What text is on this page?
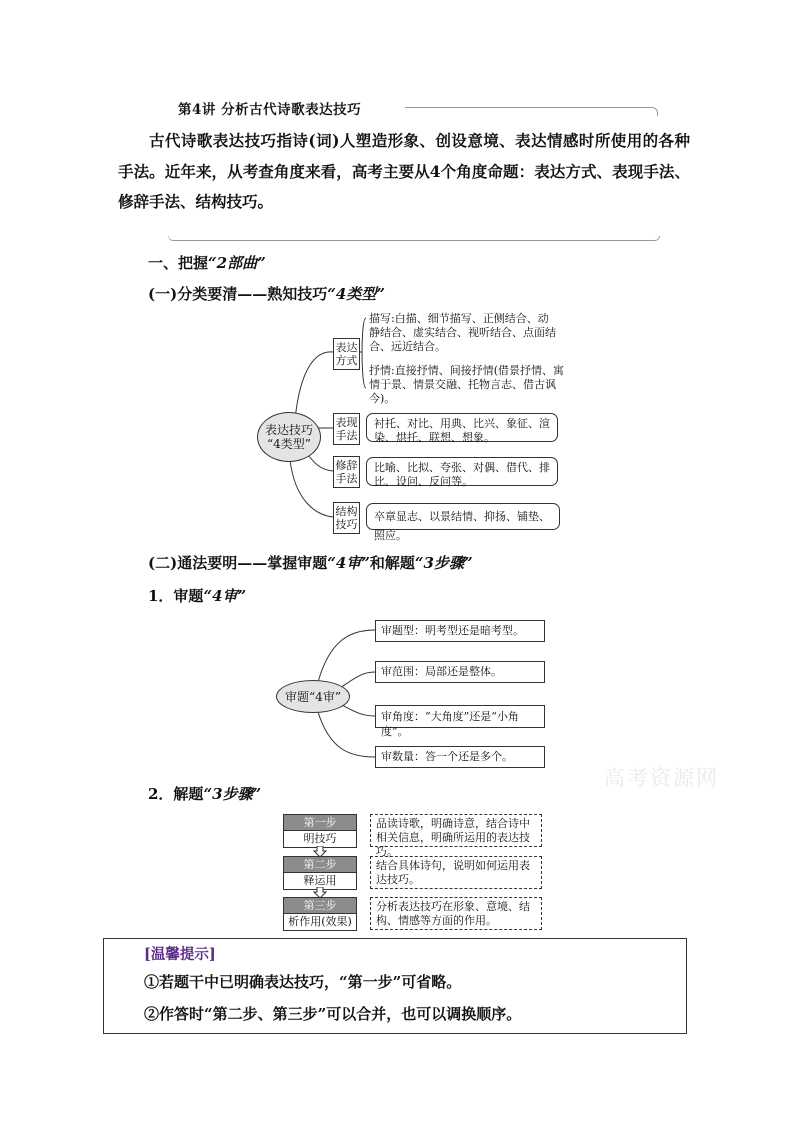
第4讲 分析古代诗歌表达技巧
古代诗歌表达技巧指诗(词)人塑造形象、创设意境、表达情感时所使用的各种手法。近年来，从考查角度来看，高考主要从4个角度命题：表达方式、表现手法、修辞手法、结构技巧。
一、把握“2部曲”
(一)分类要清——熟知技巧“4类型”
表达技巧
“4类型”
表达
方式
表现
手法
修辞
手法
结构
技巧
描写:白描、细节描写、正侧结合、动静结合、虚实结合、视听结合、点面结合、远近结合。
抒情:直接抒情、间接抒情(借景抒情、寓情于景、情景交融、托物言志、借古讽今)。
衬托、对比、用典、比兴、象征、渲染、烘托、联想、想象。
比喻、比拟、夸张、对偶、借代、排比、设问、反问等。
卒章显志、以景结情、抑扬、铺垫、照应。
(二)通法要明——掌握审题“4审”和解题“3步骤”
1．审题“4审”
审题“4审”
审题型：明考型还是暗考型。
审范围：局部还是整体。
审角度：“大角度”还是“小角度”。
审数量：答一个还是多个。
2．解题“3步骤”
第一步
明技巧
品读诗歌，明确诗意，结合诗中相关信息，明确所运用的表达技巧。
第二步
释运用
结合具体诗句，说明如何运用表达技巧。
第三步
析作用(效果)
分析表达技巧在形象、意境、结构、情感等方面的作用。
[温馨提示]
①若题干中已明确表达技巧，“第一步”可省略。
②作答时“第二步、第三步”可以合并，也可以调换顺序。
高考资源网
